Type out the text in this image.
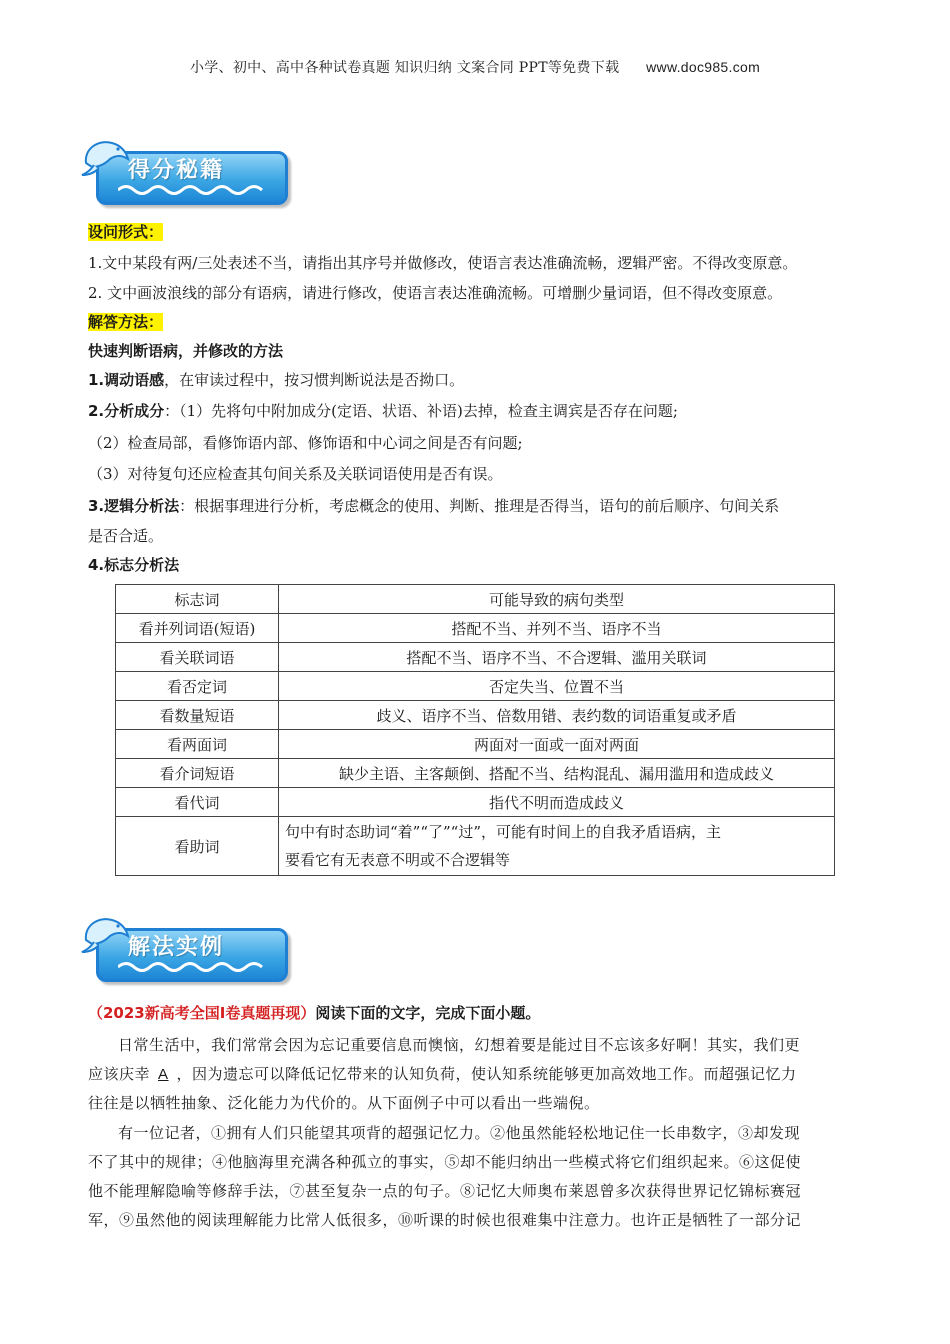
小学、初中、高中各种试卷真题 知识归纳 文案合同 PPT等免费下载 www.doc985.com
得分秘籍
设问形式：
1.文中某段有两/三处表述不当，请指出其序号并做修改，使语言表达准确流畅，逻辑严密。不得改变原意。
2. 文中画波浪线的部分有语病，请进行修改，使语言表达准确流畅。可增删少量词语，但不得改变原意。
解答方法：
快速判断语病，并修改的方法
1.调动语感，在审读过程中，按习惯判断说法是否拗口。
2.分析成分：（1）先将句中附加成分(定语、状语、补语)去掉，检查主调宾是否存在问题;
（2）检查局部，看修饰语内部、修饰语和中心词之间是否有问题;
（3）对待复句还应检查其句间关系及关联词语使用是否有误。
3.逻辑分析法：根据事理进行分析，考虑概念的使用、判断、推理是否得当，语句的前后顺序、句间关系
是否合适。
4.标志分析法
标志词	可能导致的病句类型
看并列词语(短语)	搭配不当、并列不当、语序不当
看关联词语	搭配不当、语序不当、不合逻辑、滥用关联词
看否定词	否定失当、位置不当
看数量短语	歧义、语序不当、倍数用错、表约数的词语重复或矛盾
看两面词	两面对一面或一面对两面
看介词短语	缺少主语、主客颠倒、搭配不当、结构混乱、漏用滥用和造成歧义
看代词	指代不明而造成歧义
看助词	句中有时态助词“着”“了”“过”，可能有时间上的自我矛盾语病，主
要看它有无表意不明或不合逻辑等
解法实例
（2023新高考全国Ⅰ卷真题再现）阅读下面的文字，完成下面小题。
日常生活中，我们常常会因为忘记重要信息而懊恼，幻想着要是能过目不忘该多好啊！其实，我们更
应该庆幸 A ，因为遗忘可以降低记忆带来的认知负荷，使认知系统能够更加高效地工作。而超强记忆力
往往是以牺牲抽象、泛化能力为代价的。从下面例子中可以看出一些端倪。
有一位记者，①拥有人们只能望其项背的超强记忆力。②他虽然能轻松地记住一长串数字，③却发现
不了其中的规律；④他脑海里充满各种孤立的事实，⑤却不能归纳出一些模式将它们组织起来。⑥这促使
他不能理解隐喻等修辞手法，⑦甚至复杂一点的句子。⑧记忆大师奥布莱恩曾多次获得世界记忆锦标赛冠
军，⑨虽然他的阅读理解能力比常人低很多，⑩听课的时候也很难集中注意力。也许正是牺牲了一部分记
